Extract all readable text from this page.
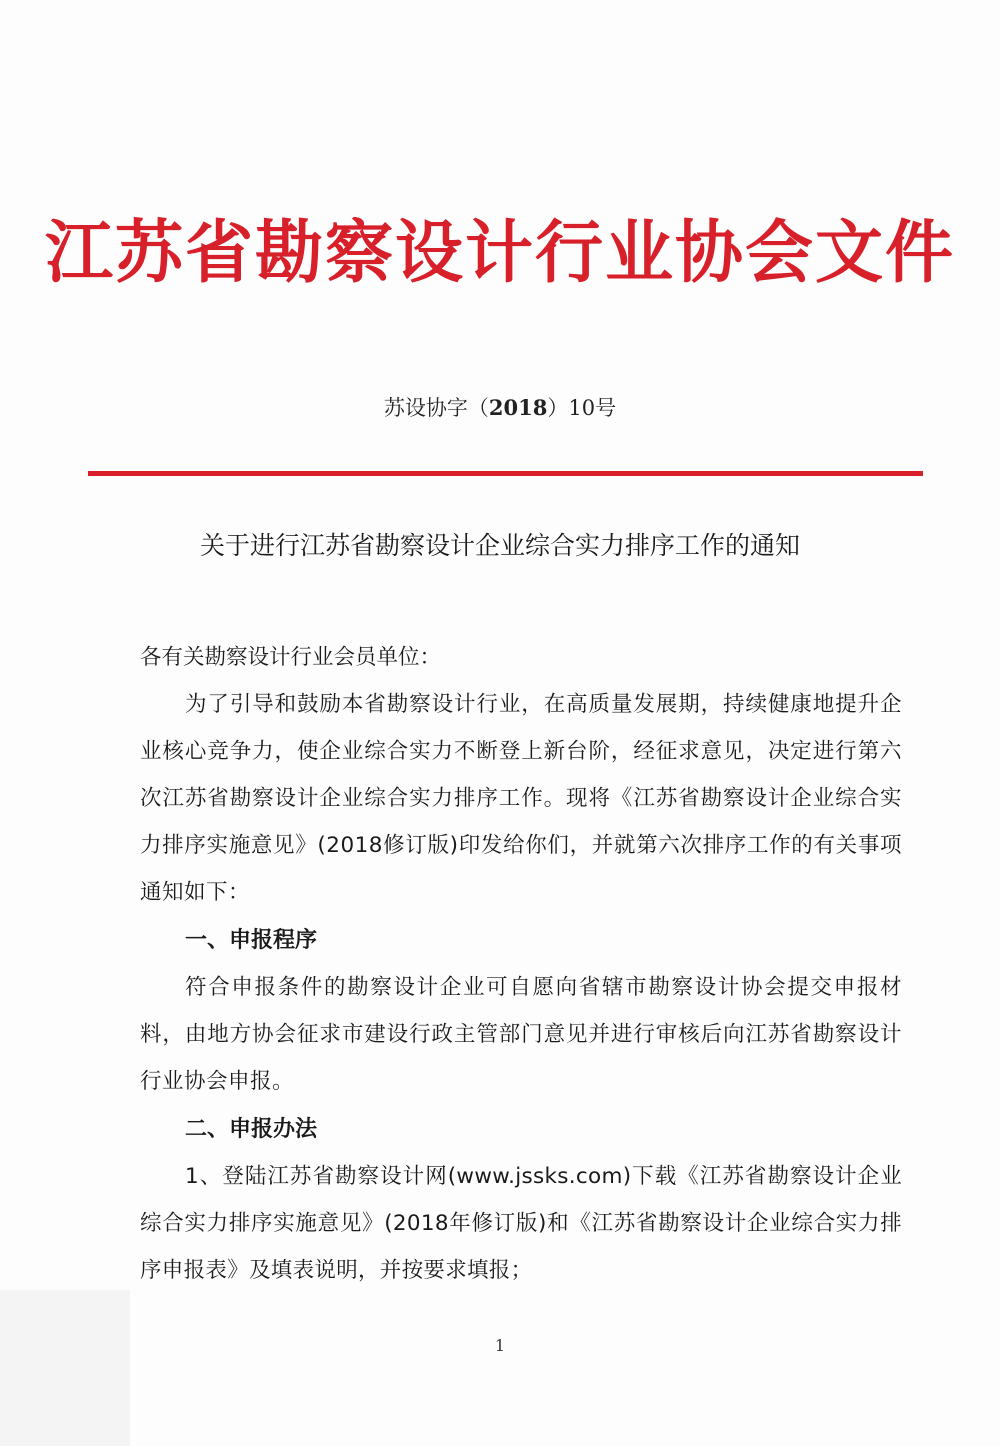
江苏省勘察设计行业协会文件
苏设协字（2018）10号
关于进行江苏省勘察设计企业综合实力排序工作的通知
各有关勘察设计行业会员单位：
为了引导和鼓励本省勘察设计行业，在高质量发展期，持续健康地提升企业核心竞争力，使企业综合实力不断登上新台阶，经征求意见，决定进行第六次江苏省勘察设计企业综合实力排序工作。现将《江苏省勘察设计企业综合实力排序实施意见》(2018修订版)印发给你们，并就第六次排序工作的有关事项通知如下：
一、申报程序
符合申报条件的勘察设计企业可自愿向省辖市勘察设计协会提交申报材料，由地方协会征求市建设行政主管部门意见并进行审核后向江苏省勘察设计行业协会申报。
二、申报办法
1、登陆江苏省勘察设计网(www.jssks.com)下载《江苏省勘察设计企业综合实力排序实施意见》(2018年修订版)和《江苏省勘察设计企业综合实力排序申报表》及填表说明，并按要求填报；
1
